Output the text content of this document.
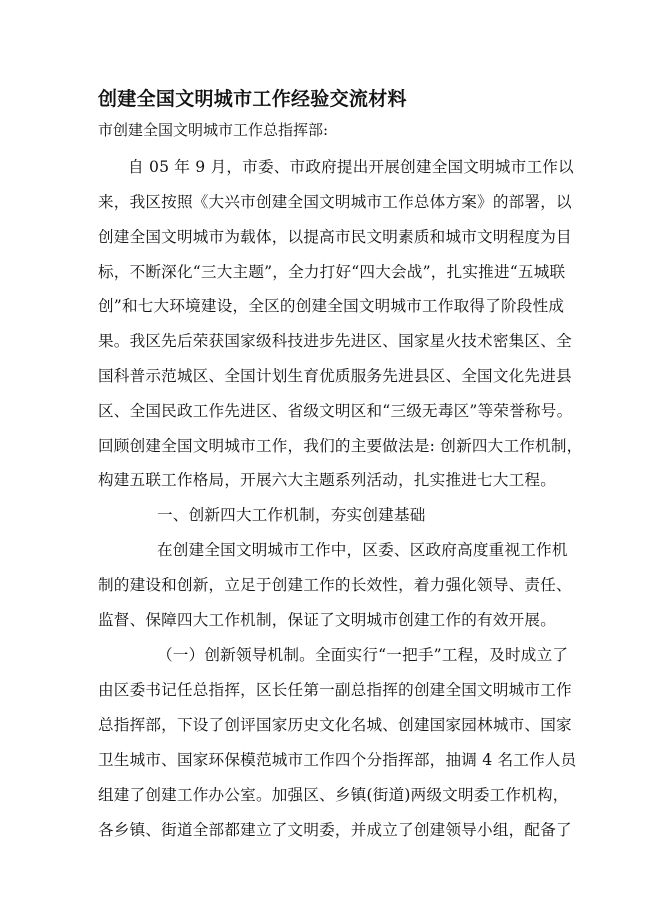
创建全国文明城市工作经验交流材料
市创建全国文明城市工作总指挥部:
自 05 年 9 月，市委、市政府提出开展创建全国文明城市工作以
来，我区按照《大兴市创建全国文明城市工作总体方案》的部署，以
创建全国文明城市为载体，以提高市民文明素质和城市文明程度为目
标，不断深化“三大主题”，全力打好“四大会战”，扎实推进“五城联
创”和七大环境建设，全区的创建全国文明城市工作取得了阶段性成
果。我区先后荣获国家级科技进步先进区、国家星火技术密集区、全
国科普示范城区、全国计划生育优质服务先进县区、全国文化先进县
区、全国民政工作先进区、省级文明区和“三级无毒区”等荣誉称号。
回顾创建全国文明城市工作，我们的主要做法是: 创新四大工作机制，
构建五联工作格局，开展六大主题系列活动，扎实推进七大工程。
一、创新四大工作机制，夯实创建基础
在创建全国文明城市工作中，区委、区政府高度重视工作机
制的建设和创新，立足于创建工作的长效性，着力强化领导、责任、
监督、保障四大工作机制，保证了文明城市创建工作的有效开展。
（一）创新领导机制。全面实行“一把手”工程，及时成立了
由区委书记任总指挥，区长任第一副总指挥的创建全国文明城市工作
总指挥部，下设了创评国家历史文化名城、创建国家园林城市、国家
卫生城市、国家环保模范城市工作四个分指挥部，抽调 4 名工作人员
组建了创建工作办公室。加强区、乡镇(街道)两级文明委工作机构，
各乡镇、街道全部都建立了文明委，并成立了创建领导小组，配备了
